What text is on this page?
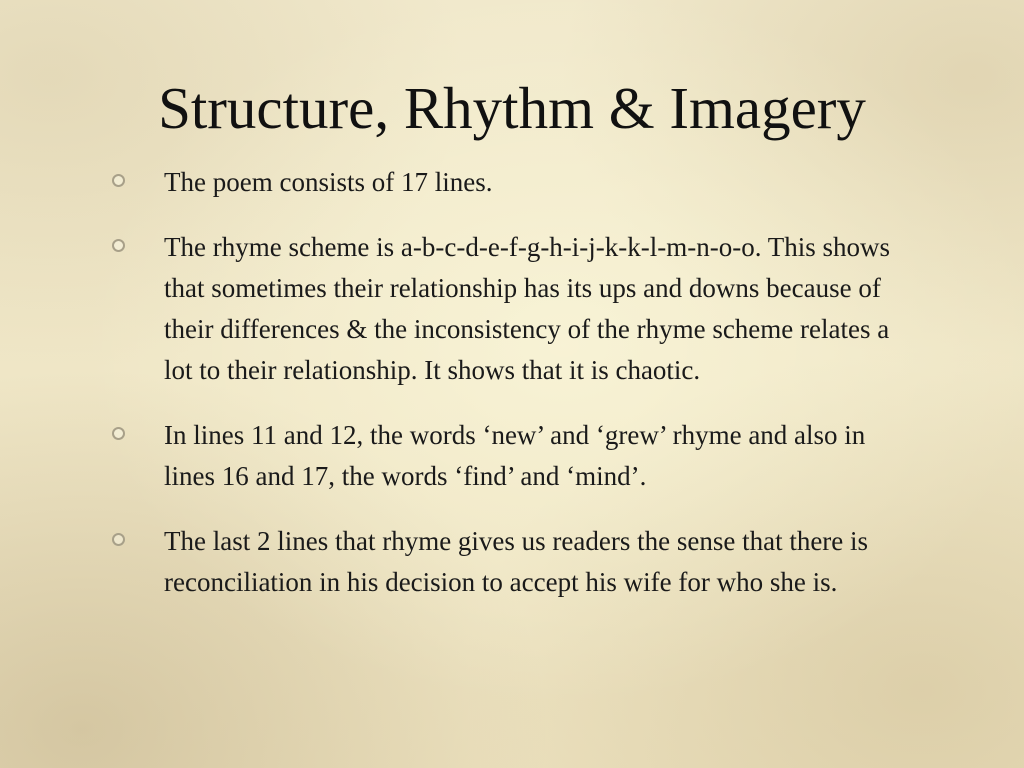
Structure, Rhythm & Imagery
The poem consists of 17 lines.
The rhyme scheme is a-b-c-d-e-f-g-h-i-j-k-k-l-m-n-o-o. This shows that sometimes their relationship has its ups and downs because of their differences & the inconsistency of the rhyme scheme relates a lot to their relationship. It shows that it is chaotic.
In lines 11 and 12, the words ‘new’ and ‘grew’ rhyme and also in lines 16 and 17, the words ‘find’ and ‘mind’.
The last 2 lines that rhyme gives us readers the sense that there is reconciliation in his decision to accept his wife for who she is.
